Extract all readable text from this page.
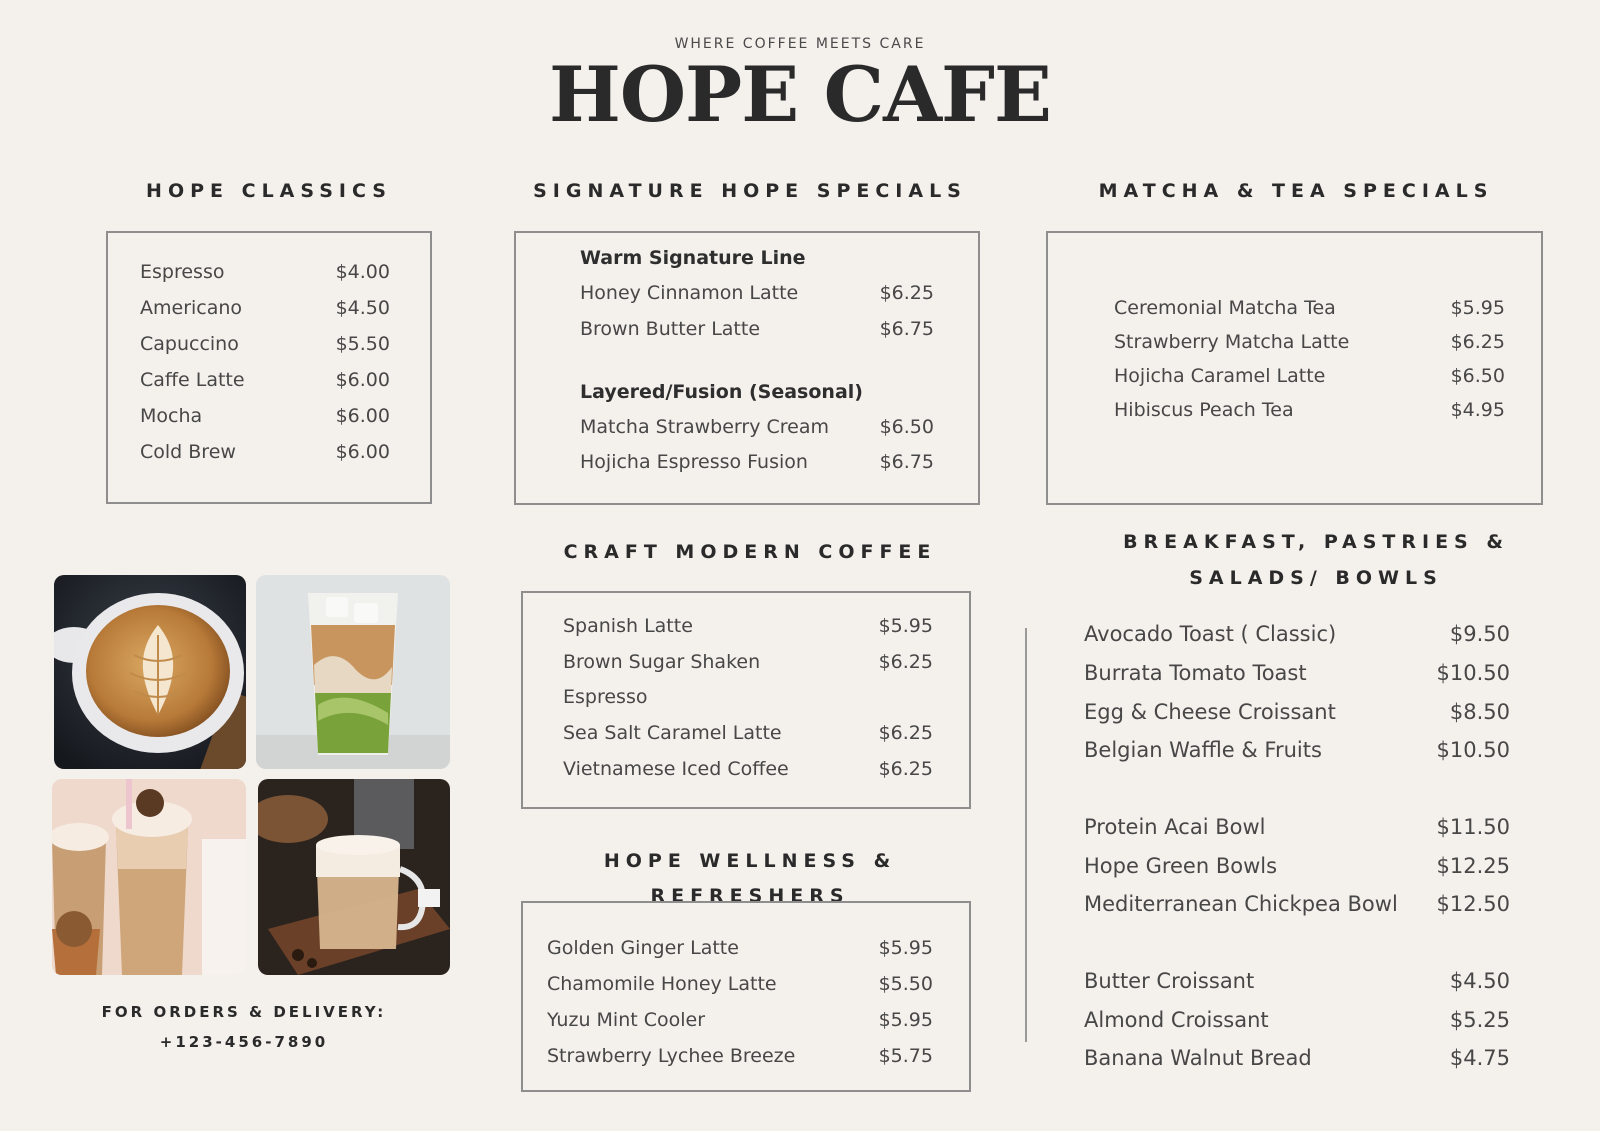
WHERE COFFEE MEETS CARE
HOPE CAFE
HOPE CLASSICS
Espresso	$4.00
Americano	$4.50
Capuccino	$5.50
Caffe Latte	$6.00
Mocha	$6.00
Cold Brew	$6.00
SIGNATURE HOPE SPECIALS
Warm Signature Line
Honey Cinnamon Latte	$6.25
Brown Butter Latte	$6.75
Layered/Fusion (Seasonal)
Matcha Strawberry Cream	$6.50
Hojicha Espresso Fusion	$6.75
MATCHA & TEA SPECIALS
Ceremonial Matcha Tea	$5.95
Strawberry Matcha Latte	$6.25
Hojicha Caramel Latte	$6.50
Hibiscus Peach Tea	$4.95
CRAFT MODERN COFFEE
Spanish Latte	$5.95
Brown Sugar Shaken	$6.25
Espresso
Sea Salt Caramel Latte	$6.25
Vietnamese Iced Coffee	$6.25
HOPE WELLNESS & REFRESHERS
Golden Ginger Latte	$5.95
Chamomile Honey Latte	$5.50
Yuzu Mint Cooler	$5.95
Strawberry Lychee Breeze	$5.75
BREAKFAST, PASTRIES &
SALADS/ BOWLS
Avocado Toast ( Classic)	$9.50
Burrata Tomato Toast	$10.50
Egg & Cheese Croissant	$8.50
Belgian Waffle & Fruits	$10.50
Protein Acai Bowl	$11.50
Hope Green Bowls	$12.25
Mediterranean Chickpea Bowl $12.50
Butter Croissant	$4.50
Almond Croissant	$5.25
Banana Walnut Bread	$4.75
FOR ORDERS & DELIVERY:
+123-456-7890
